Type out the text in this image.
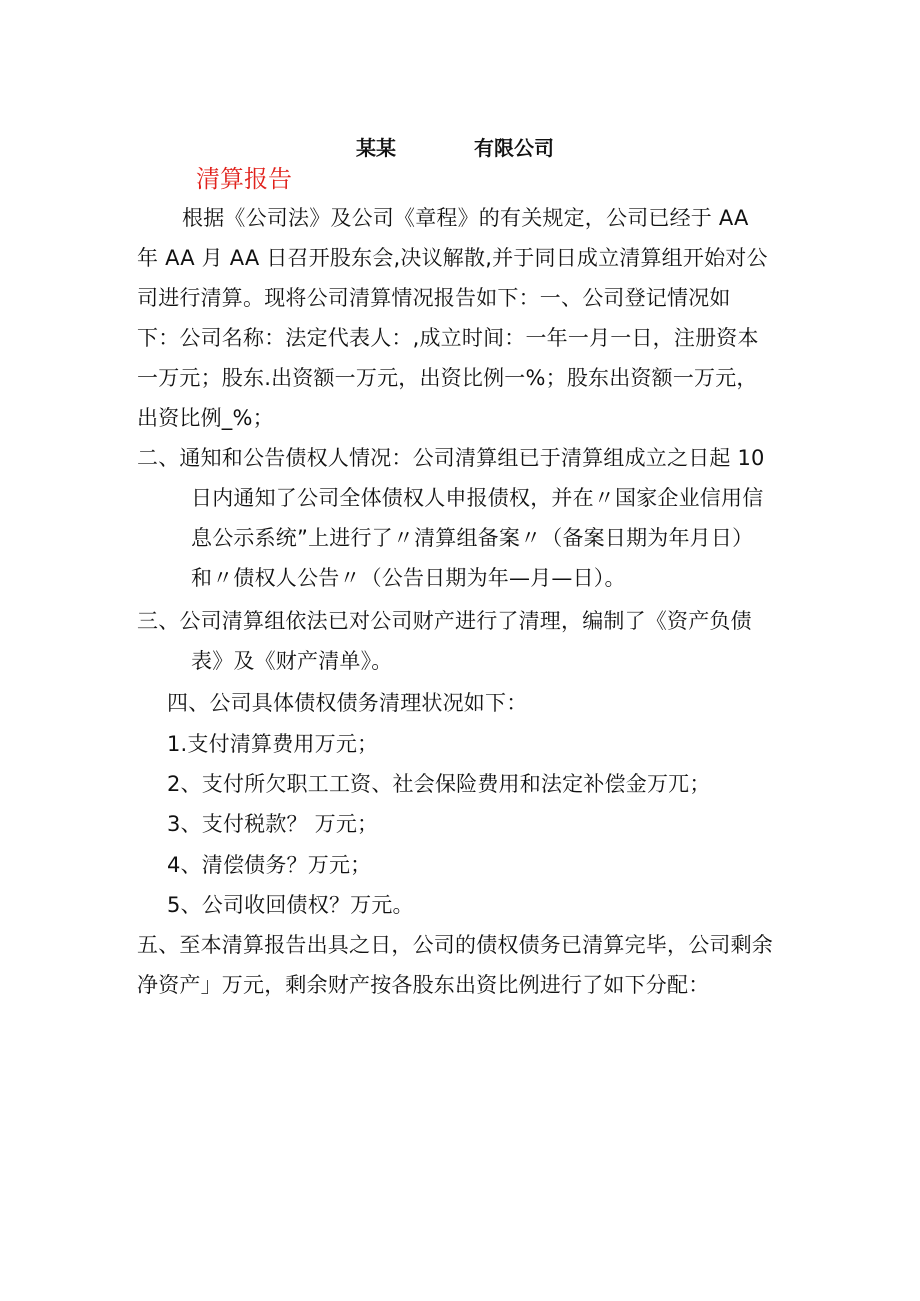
某某	有限公司
清算报告
根据《公司法》及公司《章程》的有关规定，公司已经于 AA
年 AA 月 AA 日召开股东会,决议解散,并于同日成立清算组开始对公
司进行清算。现将公司清算情况报告如下：一、公司登记情况如
下：公司名称：法定代表人：,成立时间：一年一月一日，注册资本
一万元；股东.出资额一万元，出资比例一%；股东出资额一万元，
出资比例_%；
二、通知和公告债权人情况：公司清算组已于清算组成立之日起 10
日内通知了公司全体债权人申报债权，并在〃国家企业信用信
息公示系统”上进行了〃清算组备案〃（备案日期为年月日）
和〃债权人公告〃（公告日期为年—月—日）。
三、公司清算组依法已对公司财产进行了清理，编制了《资产负债
表》及《财产清单》。
四、公司具体债权债务清理状况如下：
1.支付清算费用万元；
2、支付所欠职工工资、社会保险费用和法定补偿金万兀；
3、支付税款？ 万元；
4、清偿债务？万元；
5、公司收回债权？万元。
五、至本清算报告出具之日，公司的债权债务已清算完毕，公司剩余
净资产」万元，剩余财产按各股东出资比例进行了如下分配：
